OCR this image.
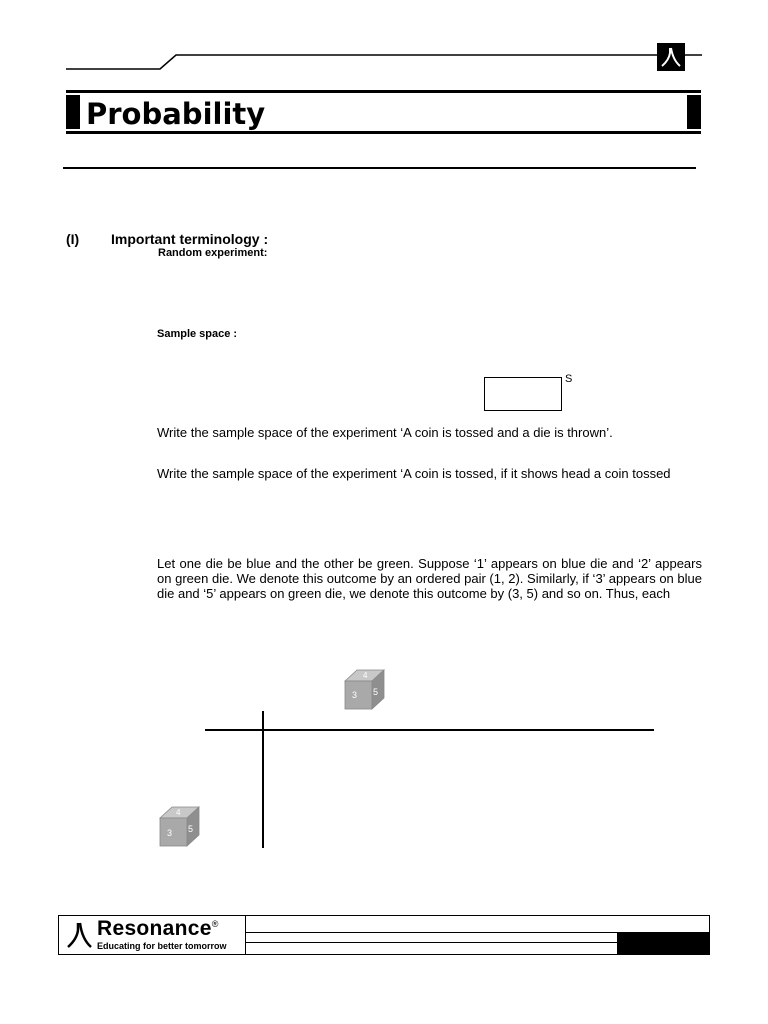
Probability
(I) Important terminology :
Random experiment:
Sample space :
S
Write the sample space of the experiment ‘A coin is tossed and a die is thrown’.
Write the sample space of the experiment ‘A coin is tossed, if it shows head a coin tossed
Let one die be blue and the other be green. Suppose ‘1’ appears on blue die and ‘2’ appears on green die. We denote this outcome by an ordered pair (1, 2). Similarly, if ‘3’ appears on blue die and ‘5’ appears on green die, we denote this outcome by (3, 5) and so on. Thus, each
4
3 5
4
3 5
Resonance®
Educating for better tomorrow
